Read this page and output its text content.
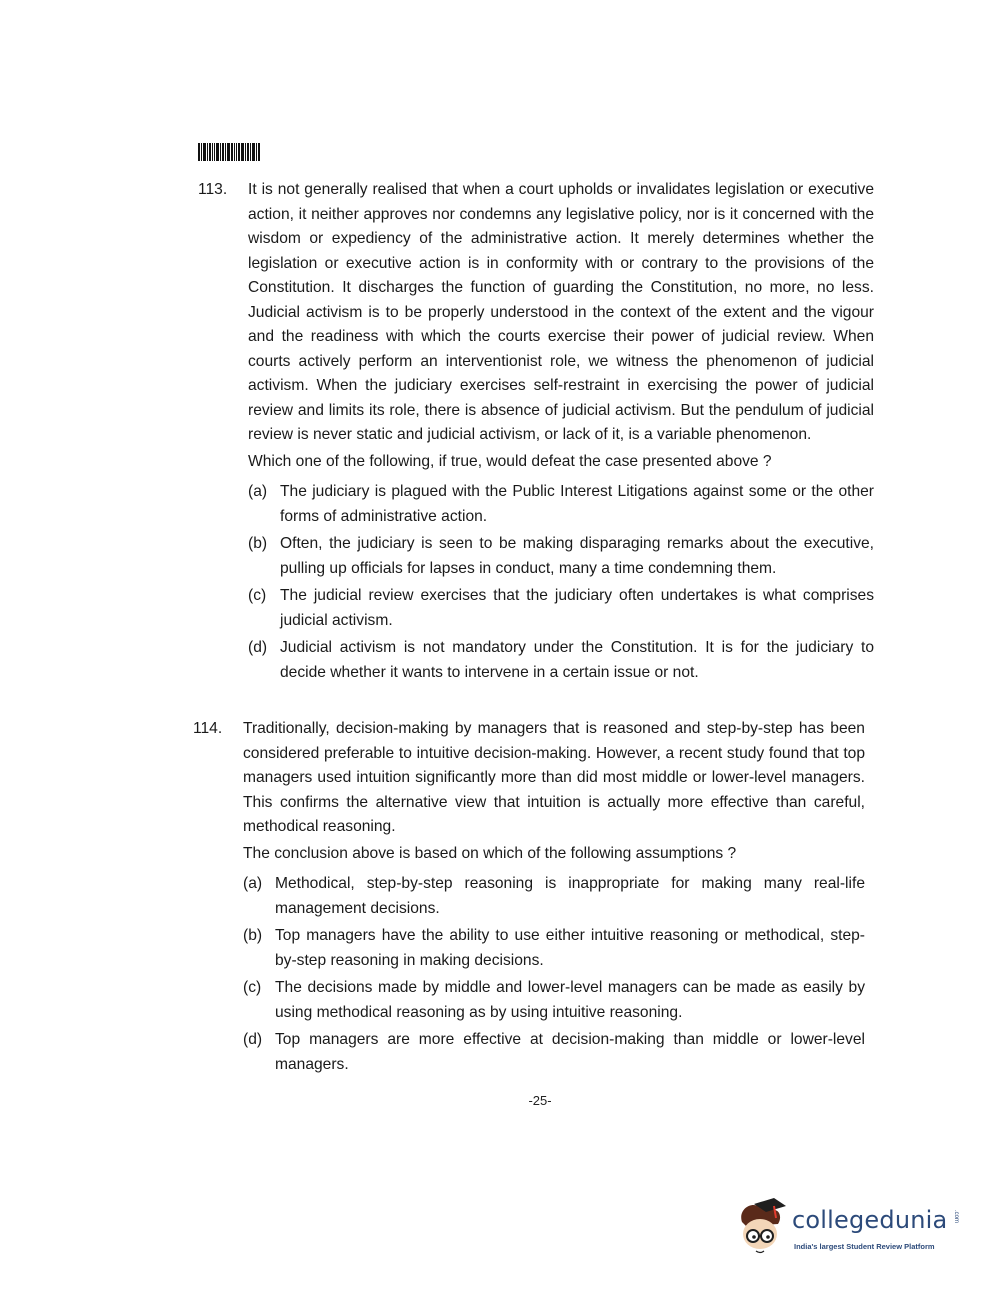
113. It is not generally realised that when a court upholds or invalidates legislation or executive action, it neither approves nor condemns any legislative policy, nor is it concerned with the wisdom or expediency of the administrative action. It merely determines whether the legislation or executive action is in conformity with or contrary to the provisions of the Constitution. It discharges the function of guarding the Constitution, no more, no less. Judicial activism is to be properly understood in the context of the extent and the vigour and the readiness with which the courts exercise their power of judicial review. When courts actively perform an interventionist role, we witness the phenomenon of judicial activism. When the judiciary exercises self-restraint in exercising the power of judicial review and limits its role, there is absence of judicial activism. But the pendulum of judicial review is never static and judicial activism, or lack of it, is a variable phenomenon.

Which one of the following, if true, would defeat the case presented above ?

(a) The judiciary is plagued with the Public Interest Litigations against some or the other forms of administrative action.
(b) Often, the judiciary is seen to be making disparaging remarks about the executive, pulling up officials for lapses in conduct, many a time condemning them.
(c) The judicial review exercises that the judiciary often undertakes is what comprises judicial activism.
(d) Judicial activism is not mandatory under the Constitution. It is for the judiciary to decide whether it wants to intervene in a certain issue or not.
114. Traditionally, decision-making by managers that is reasoned and step-by-step has been considered preferable to intuitive decision-making. However, a recent study found that top managers used intuition significantly more than did most middle or lower-level managers. This confirms the alternative view that intuition is actually more effective than careful, methodical reasoning.

The conclusion above is based on which of the following assumptions ?

(a) Methodical, step-by-step reasoning is inappropriate for making many real-life management decisions.
(b) Top managers have the ability to use either intuitive reasoning or methodical, step-by-step reasoning in making decisions.
(c) The decisions made by middle and lower-level managers can be made as easily by using methodical reasoning as by using intuitive reasoning.
(d) Top managers are more effective at decision-making than middle or lower-level managers.
-25-
collegedunia .com
India's largest Student Review Platform
